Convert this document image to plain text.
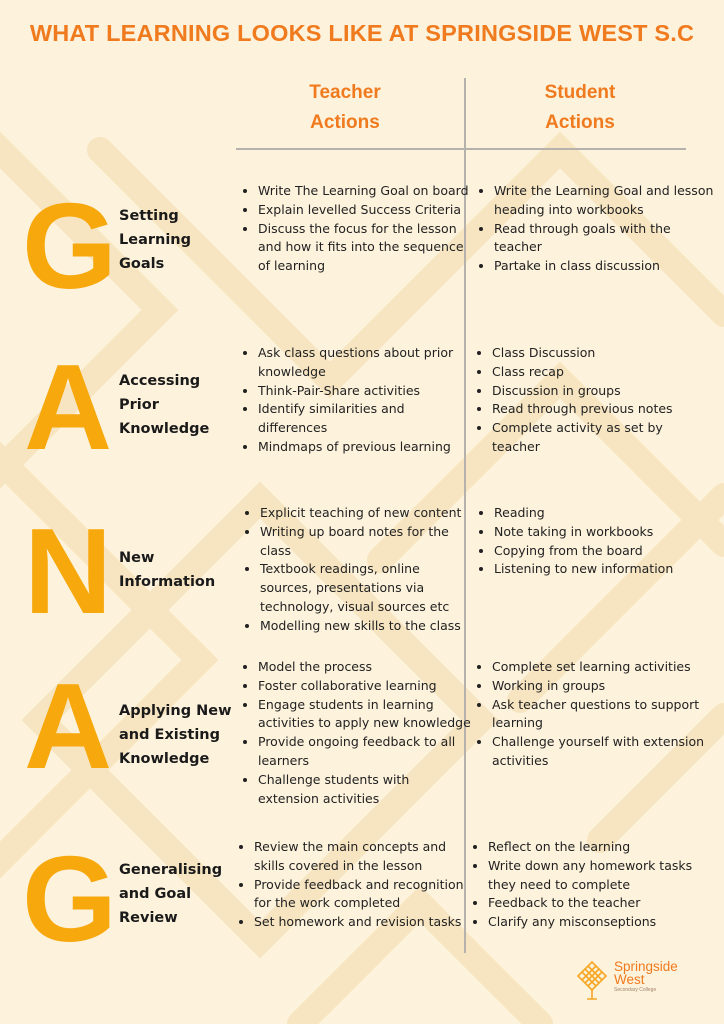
WHAT LEARNING LOOKS LIKE AT SPRINGSIDE WEST S.C
Teacher
Actions
Student
Actions
G Setting
Learning
Goals
• Write The Learning Goal on board
• Explain levelled Success Criteria
• Discuss the focus for the lesson and how it fits into the sequence of learning
• Write the Learning Goal and lesson heading into workbooks
• Read through goals with the teacher
• Partake in class discussion
A Accessing Prior
Knowledge
• Ask class questions about prior knowledge
• Think-Pair-Share activities
• Identify similarities and differences
• Mindmaps of previous learning
• Class Discussion
• Class recap
• Discussion in groups
• Read through previous notes
• Complete activity as set by teacher
N New
Information
• Explicit teaching of new content
• Writing up board notes for the class
• Textbook readings, online sources, presentations via technology, visual sources etc
• Modelling new skills to the class
• Reading
• Note taking in workbooks
• Copying from the board
• Listening to new information
A Applying New
and Existing
Knowledge
• Model the process
• Foster collaborative learning
• Engage students in learning activities to apply new knowledge
• Provide ongoing feedback to all learners
• Challenge students with extension activities
• Complete set learning activities
• Working in groups
• Ask teacher questions to support learning
• Challenge yourself with extension activities
G Generalising
and Goal
Review
• Review the main concepts and skills covered in the lesson
• Provide feedback and recognition for the work completed
• Set homework and revision tasks
• Reflect on the learning
• Write down any homework tasks they need to complete
• Feedback to the teacher
• Clarify any misconseptions
Springside
West
Secondary College
